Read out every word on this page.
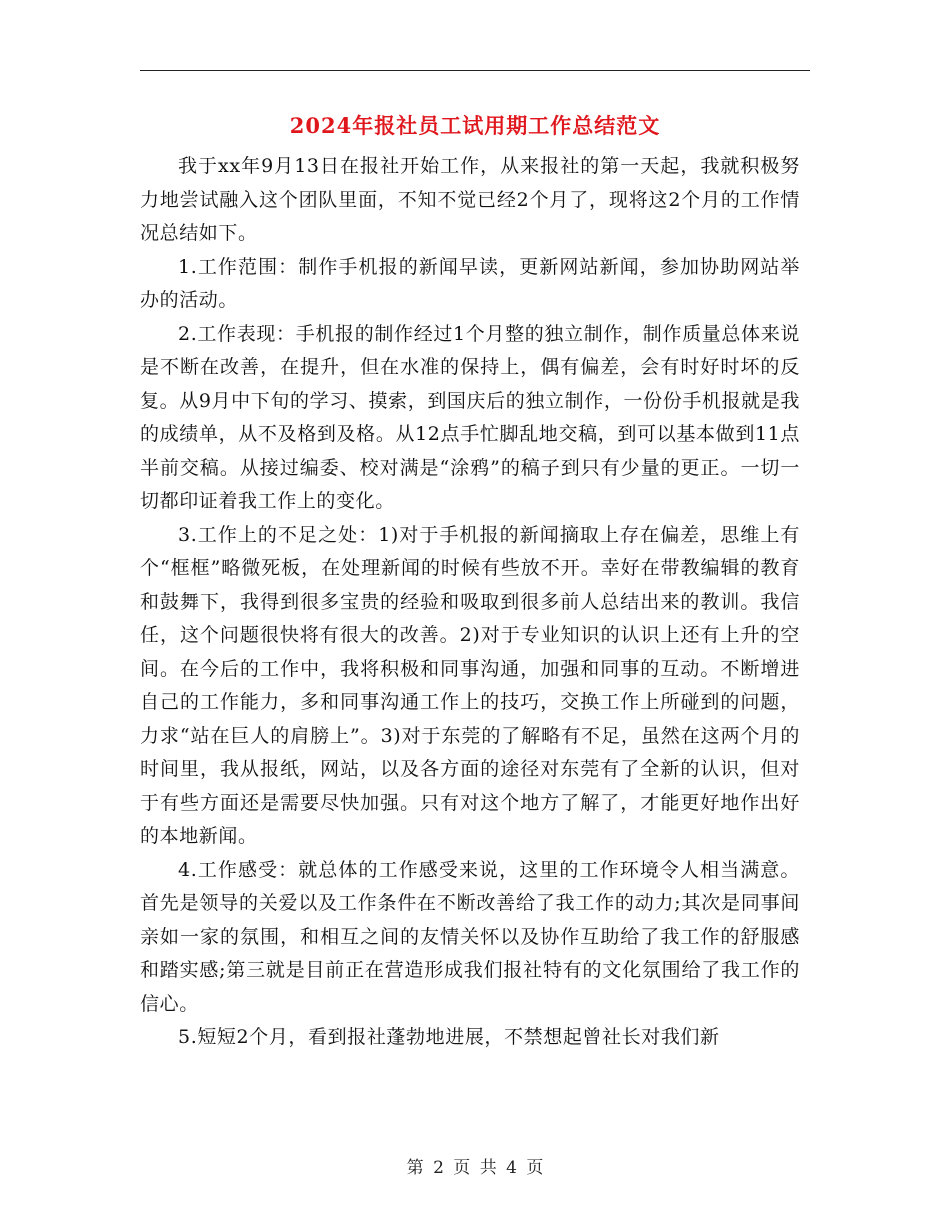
2024年报社员工试用期工作总结范文

我于xx年9月13日在报社开始工作，从来报社的第一天起，我就积极努力地尝试融入这个团队里面，不知不觉已经2个月了，现将这2个月的工作情况总结如下。

1.工作范围：制作手机报的新闻早读，更新网站新闻，参加协助网站举办的活动。

2.工作表现：手机报的制作经过1个月整的独立制作，制作质量总体来说是不断在改善，在提升，但在水准的保持上，偶有偏差，会有时好时坏的反复。从9月中下旬的学习、摸索，到国庆后的独立制作，一份份手机报就是我的成绩单，从不及格到及格。从12点手忙脚乱地交稿，到可以基本做到11点半前交稿。从接过编委、校对满是“涂鸦”的稿子到只有少量的更正。一切一切都印证着我工作上的变化。

3.工作上的不足之处：1)对于手机报的新闻摘取上存在偏差，思维上有个“框框”略微死板，在处理新闻的时候有些放不开。幸好在带教编辑的教育和鼓舞下，我得到很多宝贵的经验和吸取到很多前人总结出来的教训。我信任，这个问题很快将有很大的改善。2)对于专业知识的认识上还有上升的空间。在今后的工作中，我将积极和同事沟通，加强和同事的互动。不断增进自己的工作能力，多和同事沟通工作上的技巧，交换工作上所碰到的问题，力求“站在巨人的肩膀上”。3)对于东莞的了解略有不足，虽然在这两个月的时间里，我从报纸，网站，以及各方面的途径对东莞有了全新的认识，但对于有些方面还是需要尽快加强。只有对这个地方了解了，才能更好地作出好的本地新闻。

4.工作感受：就总体的工作感受来说，这里的工作环境令人相当满意。首先是领导的关爱以及工作条件在不断改善给了我工作的动力;其次是同事间亲如一家的氛围，和相互之间的友情关怀以及协作互助给了我工作的舒服感和踏实感;第三就是目前正在营造形成我们报社特有的文化氛围给了我工作的信心。

5.短短2个月，看到报社蓬勃地进展，不禁想起曾社长对我们新

第 2 页 共 4 页
